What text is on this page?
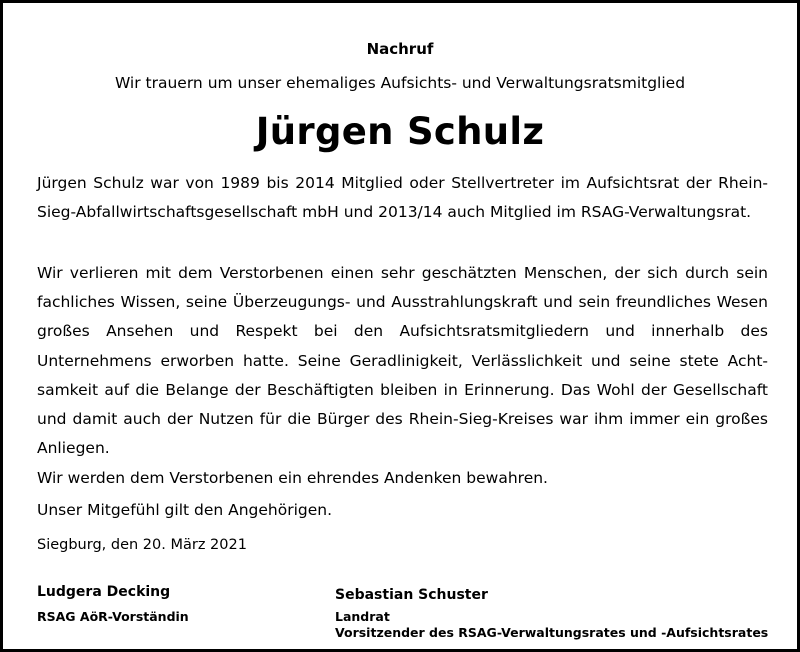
Nachruf
Wir trauern um unser ehemaliges Aufsichts- und Verwaltungsratsmitglied
Jürgen Schulz

Jürgen Schulz war von 1989 bis 2014 Mitglied oder Stellvertreter im Aufsichtsrat der Rhein-Sieg-Abfallwirtschaftsgesellschaft mbH und 2013/14 auch Mitglied im RSAG-Verwaltungsrat.

Wir verlieren mit dem Verstorbenen einen sehr geschätzten Menschen, der sich durch sein fachliches Wissen, seine Überzeugungs- und Ausstrahlungskraft und sein freundliches Wesen großes Ansehen und Respekt bei den Aufsichtsratsmitgliedern und innerhalb des Unternehmens erworben hatte. Seine Geradlinigkeit, Verlässlichkeit und seine stete Achtsamkeit auf die Belange der Beschäftigten bleiben in Erinnerung. Das Wohl der Gesellschaft und damit auch der Nutzen für die Bürger des Rhein-Sieg-Kreises war ihm immer ein großes Anliegen.

Wir werden dem Verstorbenen ein ehrendes Andenken bewahren.

Unser Mitgefühl gilt den Angehörigen.

Siegburg, den 20. März 2021
Ludgera Decking
RSAG AöR-Vorständin
Sebastian Schuster
Landrat
Vorsitzender des RSAG-Verwaltungsrates und -Aufsichtsrates
